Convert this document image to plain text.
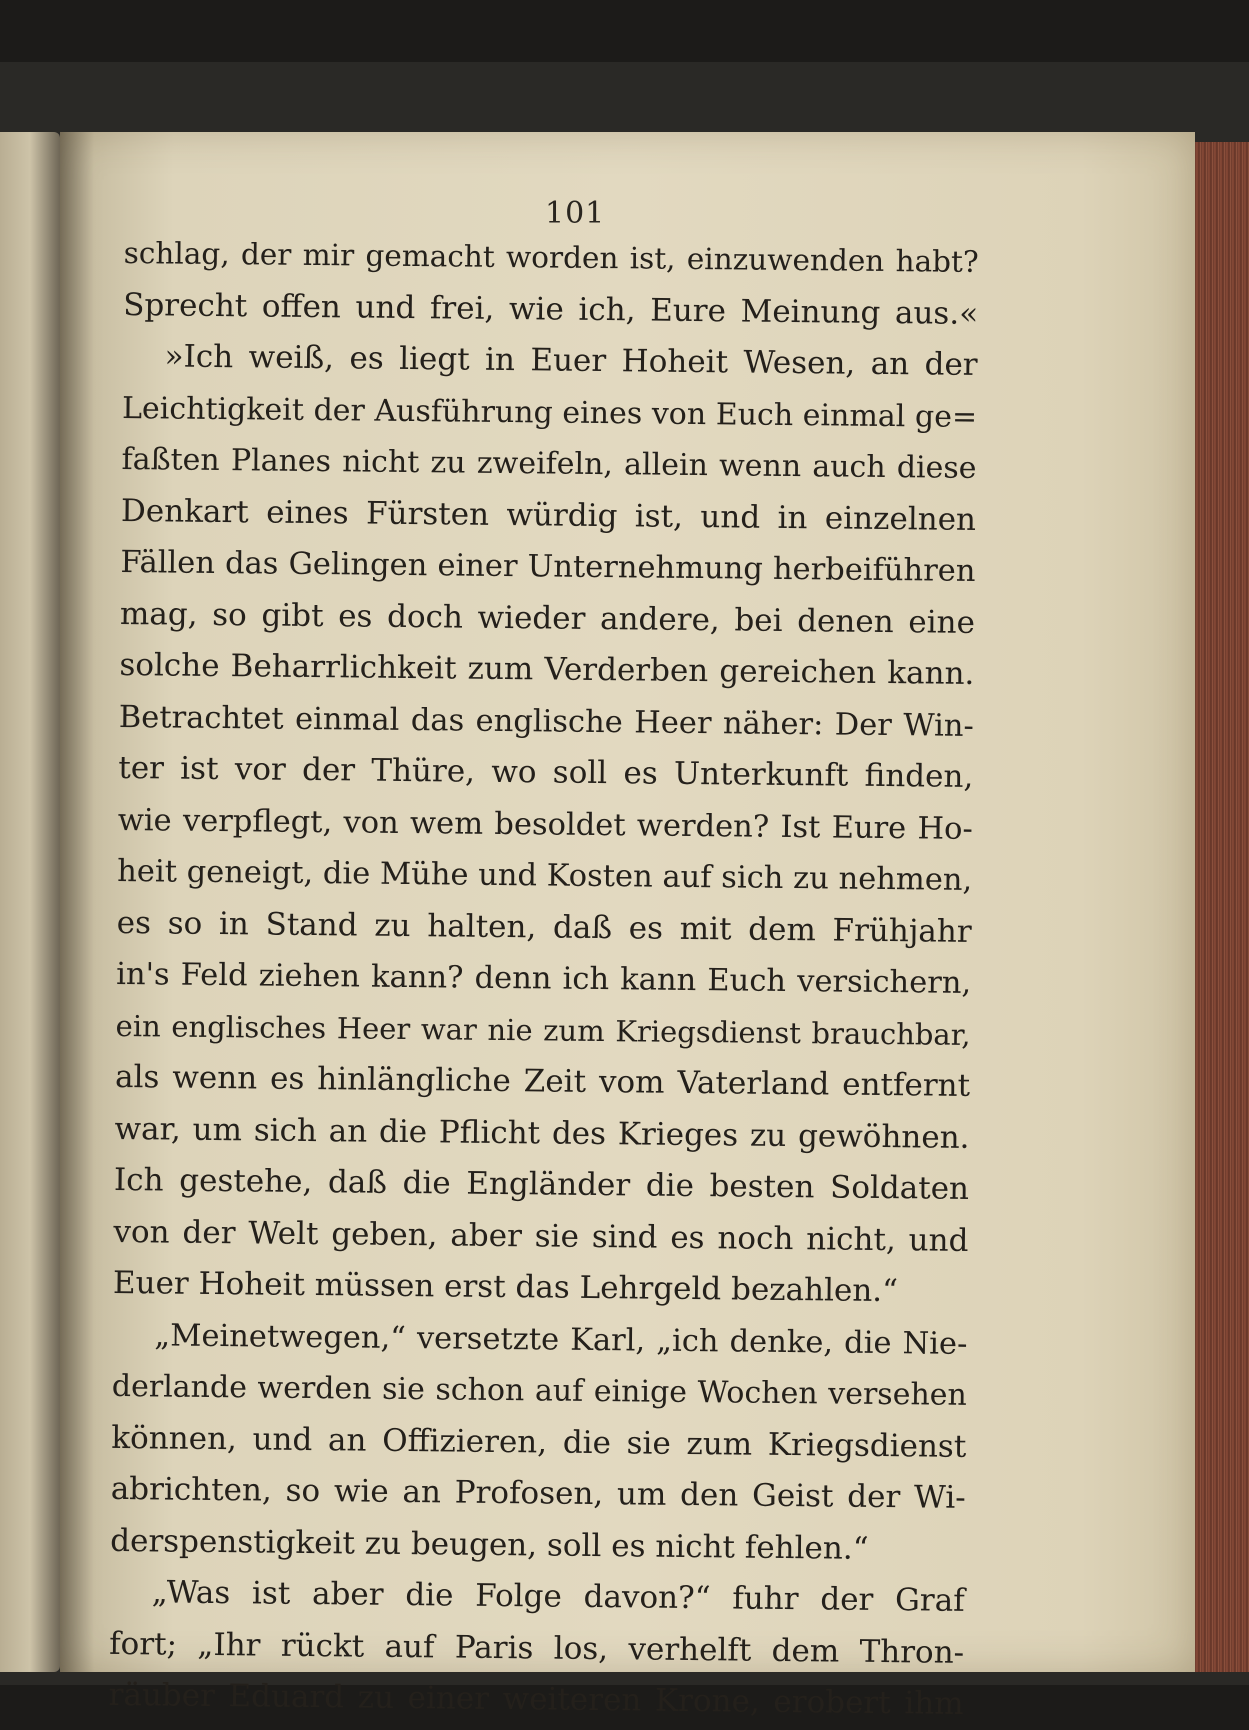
101
schlag, der mir gemacht worden ist, einzuwenden habt?
Sprecht offen und frei, wie ich, Eure Meinung aus.«
»Ich weiß, es liegt in Euer Hoheit Wesen, an der
Leichtigkeit der Ausführung eines von Euch einmal ge=
faßten Planes nicht zu zweifeln, allein wenn auch diese
Denkart eines Fürsten würdig ist, und in einzelnen
Fällen das Gelingen einer Unternehmung herbeiführen
mag, so gibt es doch wieder andere, bei denen eine
solche Beharrlichkeit zum Verderben gereichen kann.
Betrachtet einmal das englische Heer näher: Der Win-
ter ist vor der Thüre, wo soll es Unterkunft finden,
wie verpflegt, von wem besoldet werden? Ist Eure Ho-
heit geneigt, die Mühe und Kosten auf sich zu nehmen,
es so in Stand zu halten, daß es mit dem Frühjahr
in's Feld ziehen kann? denn ich kann Euch versichern,
ein englisches Heer war nie zum Kriegsdienst brauchbar,
als wenn es hinlängliche Zeit vom Vaterland entfernt
war, um sich an die Pflicht des Krieges zu gewöhnen.
Ich gestehe, daß die Engländer die besten Soldaten
von der Welt geben, aber sie sind es noch nicht, und
Euer Hoheit müssen erst das Lehrgeld bezahlen.“
„Meinetwegen,“ versetzte Karl, „ich denke, die Nie-
derlande werden sie schon auf einige Wochen versehen
können, und an Offizieren, die sie zum Kriegsdienst
abrichten, so wie an Profosen, um den Geist der Wi-
derspenstigkeit zu beugen, soll es nicht fehlen.“
„Was ist aber die Folge davon?“ fuhr der Graf
fort; „Ihr rückt auf Paris los, verhelft dem Thron-
räuber Eduard zu einer weiteren Krone, erobert ihm
